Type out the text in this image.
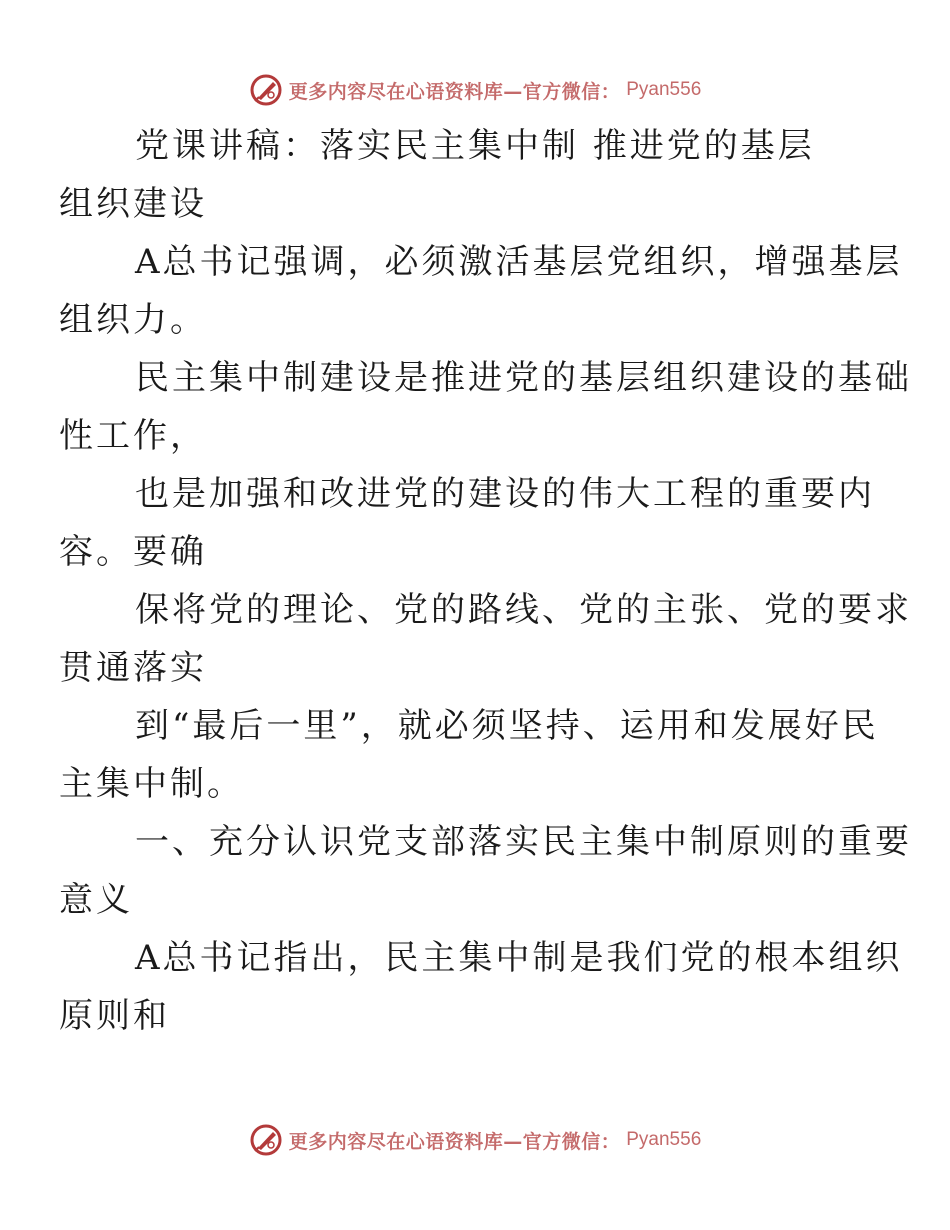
更多内容尽在心语资料库—官方微信： Pyan556

党课讲稿：落实民主集中制 推进党的基层
组织建设

A总书记强调，必须激活基层党组织，增强基层
组织力。

民主集中制建设是推进党的基层组织建设的基础
性工作，

也是加强和改进党的建设的伟大工程的重要内
容。要确

保将党的理论、党的路线、党的主张、党的要求
贯通落实

到“最后一里”，就必须坚持、运用和发展好民
主集中制。

一、充分认识党支部落实民主集中制原则的重要
意义

A总书记指出，民主集中制是我们党的根本组织
原则和

更多内容尽在心语资料库—官方微信： Pyan556
